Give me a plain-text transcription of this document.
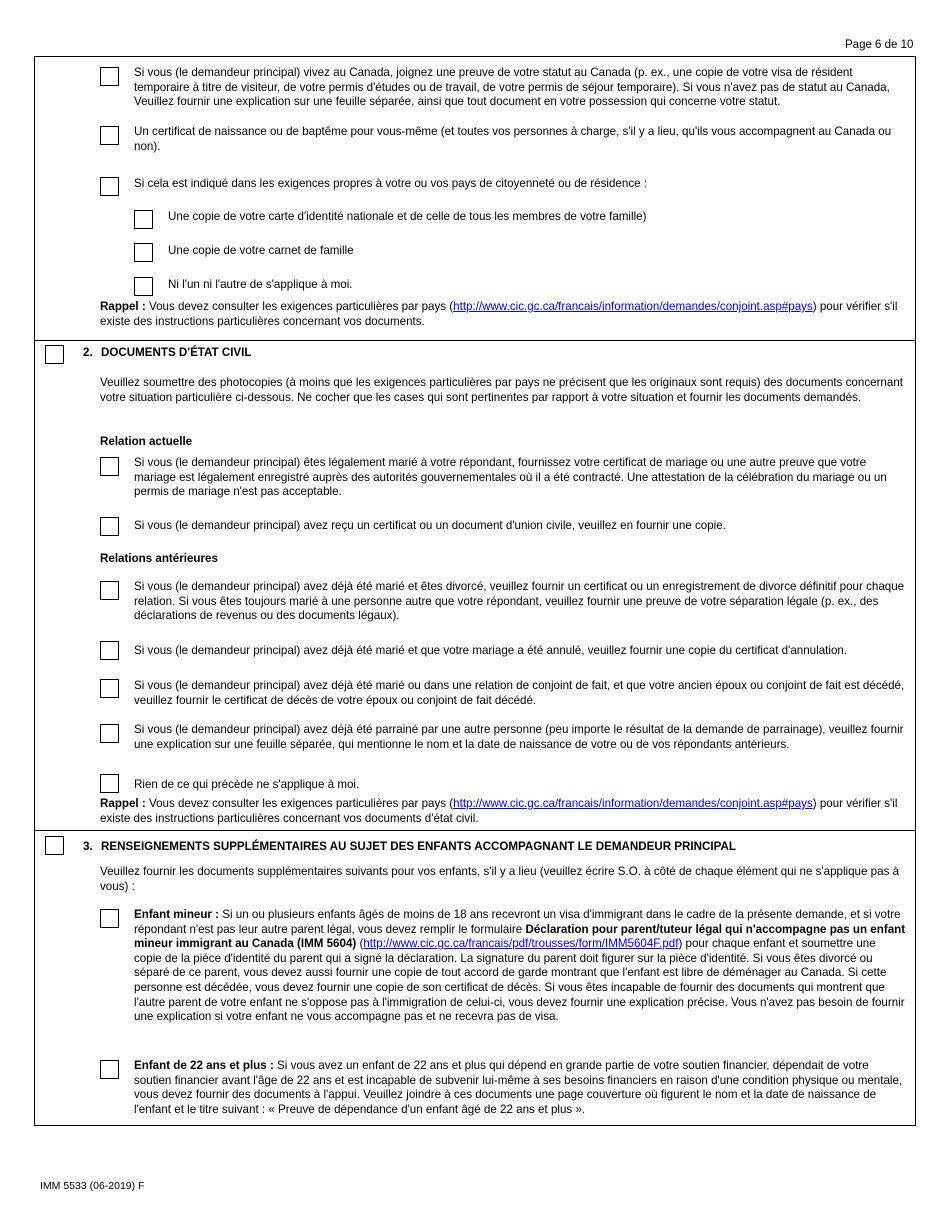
Page 6 de 10
Si vous (le demandeur principal) vivez au Canada, joignez une preuve de votre statut au Canada (p. ex., une copie de votre visa de résident temporaire à titre de visiteur, de votre permis d'études ou de travail, de votre permis de séjour temporaire). Si vous n'avez pas de statut au Canada, Veuillez fournir une explication sur une feuille séparée, ainsi que tout document en votre possession qui concerne votre statut.
Un certificat de naissance ou de baptême pour vous-même (et toutes vos personnes à charge, s'il y a lieu, qu'ils vous accompagnent au Canada ou non).
Si cela est indiqué dans les exigences propres à votre ou vos pays de citoyenneté ou de résidence :
Une copie de votre carte d'identité nationale et de celle de tous les membres de votre famille)
Une copie de votre carnet de famille
Ni l'un ni l'autre de s'applique à moi.
Rappel : Vous devez consulter les exigences particulières par pays (http://www.cic.gc.ca/francais/information/demandes/conjoint.asp#pays) pour vérifier s'il existe des instructions particulières concernant vos documents.
2. DOCUMENTS D'ÉTAT CIVIL
Veuillez soumettre des photocopies (à moins que les exigences particulières par pays ne précisent que les originaux sont requis) des documents concernant votre situation particulière ci-dessous. Ne cocher que les cases qui sont pertinentes par rapport à votre situation et fournir les documents demandés.
Relation actuelle
Si vous (le demandeur principal) êtes légalement marié à votre répondant, fournissez votre certificat de mariage ou une autre preuve que votre mariage est légalement enregistré auprès des autorités gouvernementales où il a été contracté. Une attestation de la célébration du mariage ou un permis de mariage n'est pas acceptable.
Si vous (le demandeur principal) avez reçu un certificat ou un document d'union civile, veuillez en fournir une copie.
Relations antérieures
Si vous (le demandeur principal) avez déjà été marié et êtes divorcé, veuillez fournir un certificat ou un enregistrement de divorce définitif pour chaque relation. Si vous êtes toujours marié à une personne autre que votre répondant, veuillez fournir une preuve de votre séparation légale (p. ex., des déclarations de revenus ou des documents légaux).
Si vous (le demandeur principal) avez déjà été marié et que votre mariage a été annulé, veuillez fournir une copie du certificat d'annulation.
Si vous (le demandeur principal) avez déjà été marié ou dans une relation de conjoint de fait, et que votre ancien époux ou conjoint de fait est décédé, veuillez fournir le certificat de décès de votre époux ou conjoint de fait décédé.
Si vous (le demandeur principal) avez déjà été parrainé par une autre personne (peu importe le résultat de la demande de parrainage), veuillez fournir une explication sur une feuille séparée, qui mentionne le nom et la date de naissance de votre ou de vos répondants antérieurs.
Rien de ce qui précède ne s'applique à moi.
Rappel : Vous devez consulter les exigences particulières par pays (http://www.cic.gc.ca/francais/information/demandes/conjoint.asp#pays) pour vérifier s'il existe des instructions particulières concernant vos documents d'état civil.
3. RENSEIGNEMENTS SUPPLÉMENTAIRES AU SUJET DES ENFANTS ACCOMPAGNANT LE DEMANDEUR PRINCIPAL
Veuillez fournir les documents supplémentaires suivants pour vos enfants, s'il y a lieu (veuillez écrire S.O. à côté de chaque élément qui ne s'applique pas à vous) :
Enfant mineur : Si un ou plusieurs enfants âgés de moins de 18 ans recevront un visa d'immigrant dans le cadre de la présente demande, et si votre répondant n'est pas leur autre parent légal, vous devez remplir le formulaire Déclaration pour parent/tuteur légal qui n'accompagne pas un enfant mineur immigrant au Canada (IMM 5604) (http://www.cic.gc.ca/francais/pdf/trousses/form/IMM5604F.pdf) pour chaque enfant et soumettre une copie de la pièce d'identité du parent qui a signé la déclaration. La signature du parent doit figurer sur la pièce d'identité. Si vous êtes divorcé ou séparé de ce parent, vous devez aussi fournir une copie de tout accord de garde montrant que l'enfant est libre de déménager au Canada. Si cette personne est décédée, vous devez fournir une copie de son certificat de décès. Si vous êtes incapable de fournir des documents qui montrent que l'autre parent de votre enfant ne s'oppose pas à l'immigration de celui-ci, vous devez fournir une explication précise. Vous n'avez pas besoin de fournir une explication si votre enfant ne vous accompagne pas et ne recevra pas de visa.
Enfant de 22 ans et plus : Si vous avez un enfant de 22 ans et plus qui dépend en grande partie de votre soutien financier, dépendait de votre soutien financier avant l'âge de 22 ans et est incapable de subvenir lui-même à ses besoins financiers en raison d'une condition physique ou mentale, vous devez fournir des documents à l'appui. Veuillez joindre à ces documents une page couverture où figurent le nom et la date de naissance de l'enfant et le titre suivant : « Preuve de dépendance d'un enfant âgé de 22 ans et plus ».
IMM 5533 (06-2019) F
